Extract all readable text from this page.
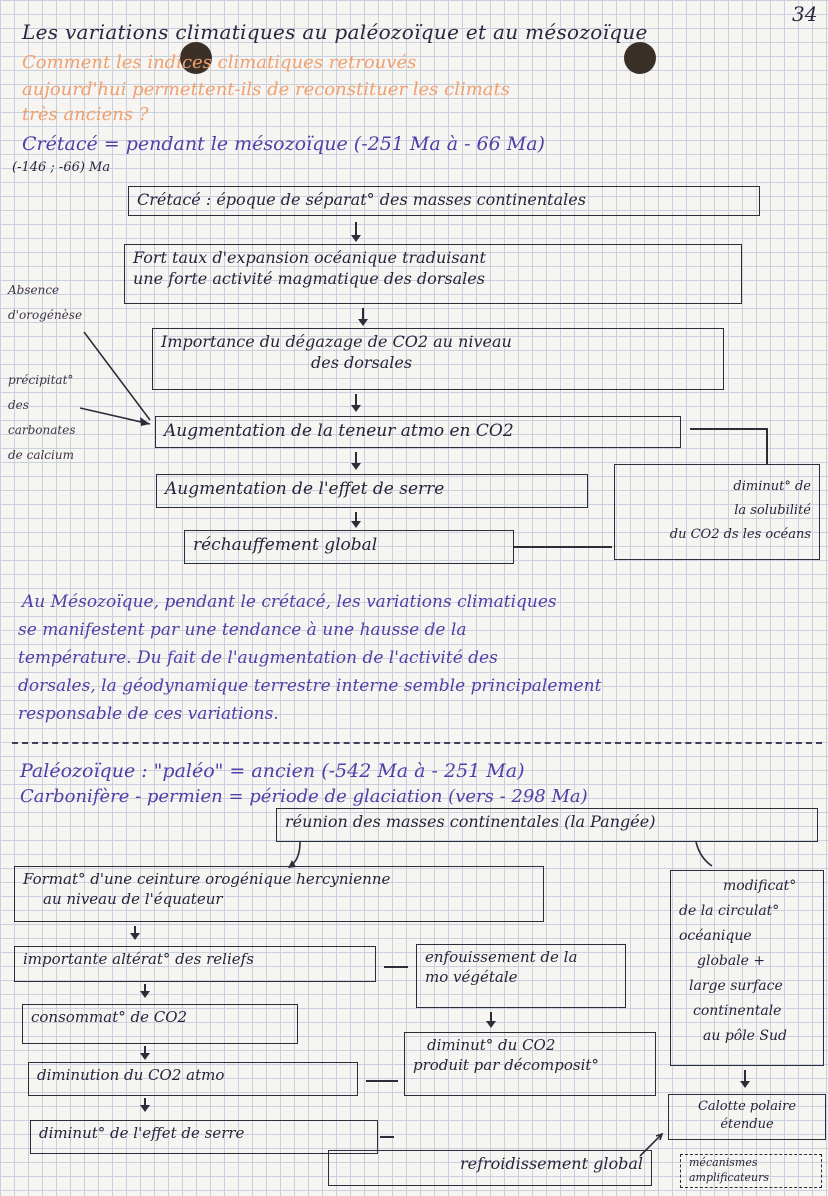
34
Les variations climatiques au paléozoïque et au mésozoïque
Comment les indices climatiques retrouvés
aujourd'hui permettent-ils de reconstituer les climats
très anciens ?
Crétacé = pendant le mésozoïque (-251 Ma à - 66 Ma)
(-146 ; -66) Ma
Crétacé : époque de séparat° des masses continentales
Fort taux d'expansion océanique traduisant
une forte activité magmatique des dorsales
Importance du dégazage de CO2 au niveau
des dorsales
Augmentation de la teneur atmo en CO2
Augmentation de l'effet de serre
réchauffement global
diminut° de
la solubilité
du CO2 ds les océans
Absence
d'orogénèse
précipitat°
des
carbonates
de calcium
Au Mésozoïque, pendant le crétacé, les variations climatiques
se manifestent par une tendance à une hausse de la
température. Du fait de l'augmentation de l'activité des
dorsales, la géodynamique terrestre interne semble principalement
responsable de ces variations.
Paléozoïque : "paléo" = ancien (-542 Ma à - 251 Ma)
Carbonifère - permien = période de glaciation (vers - 298 Ma)
réunion des masses continentales (la Pangée)
Format° d'une ceinture orogénique hercynienne
au niveau de l'équateur
importante altérat° des reliefs	enfouissement de la
mo végétale
consommat° de CO2
diminut° du CO2
produit par décomposit°
diminution du CO2 atmo
diminut° de l'effet de serre
refroidissement global
modificat°
de la circulat°
océanique
globale +
large surface
continentale
au pôle Sud
Calotte polaire
étendue
mécanismes
amplificateurs
